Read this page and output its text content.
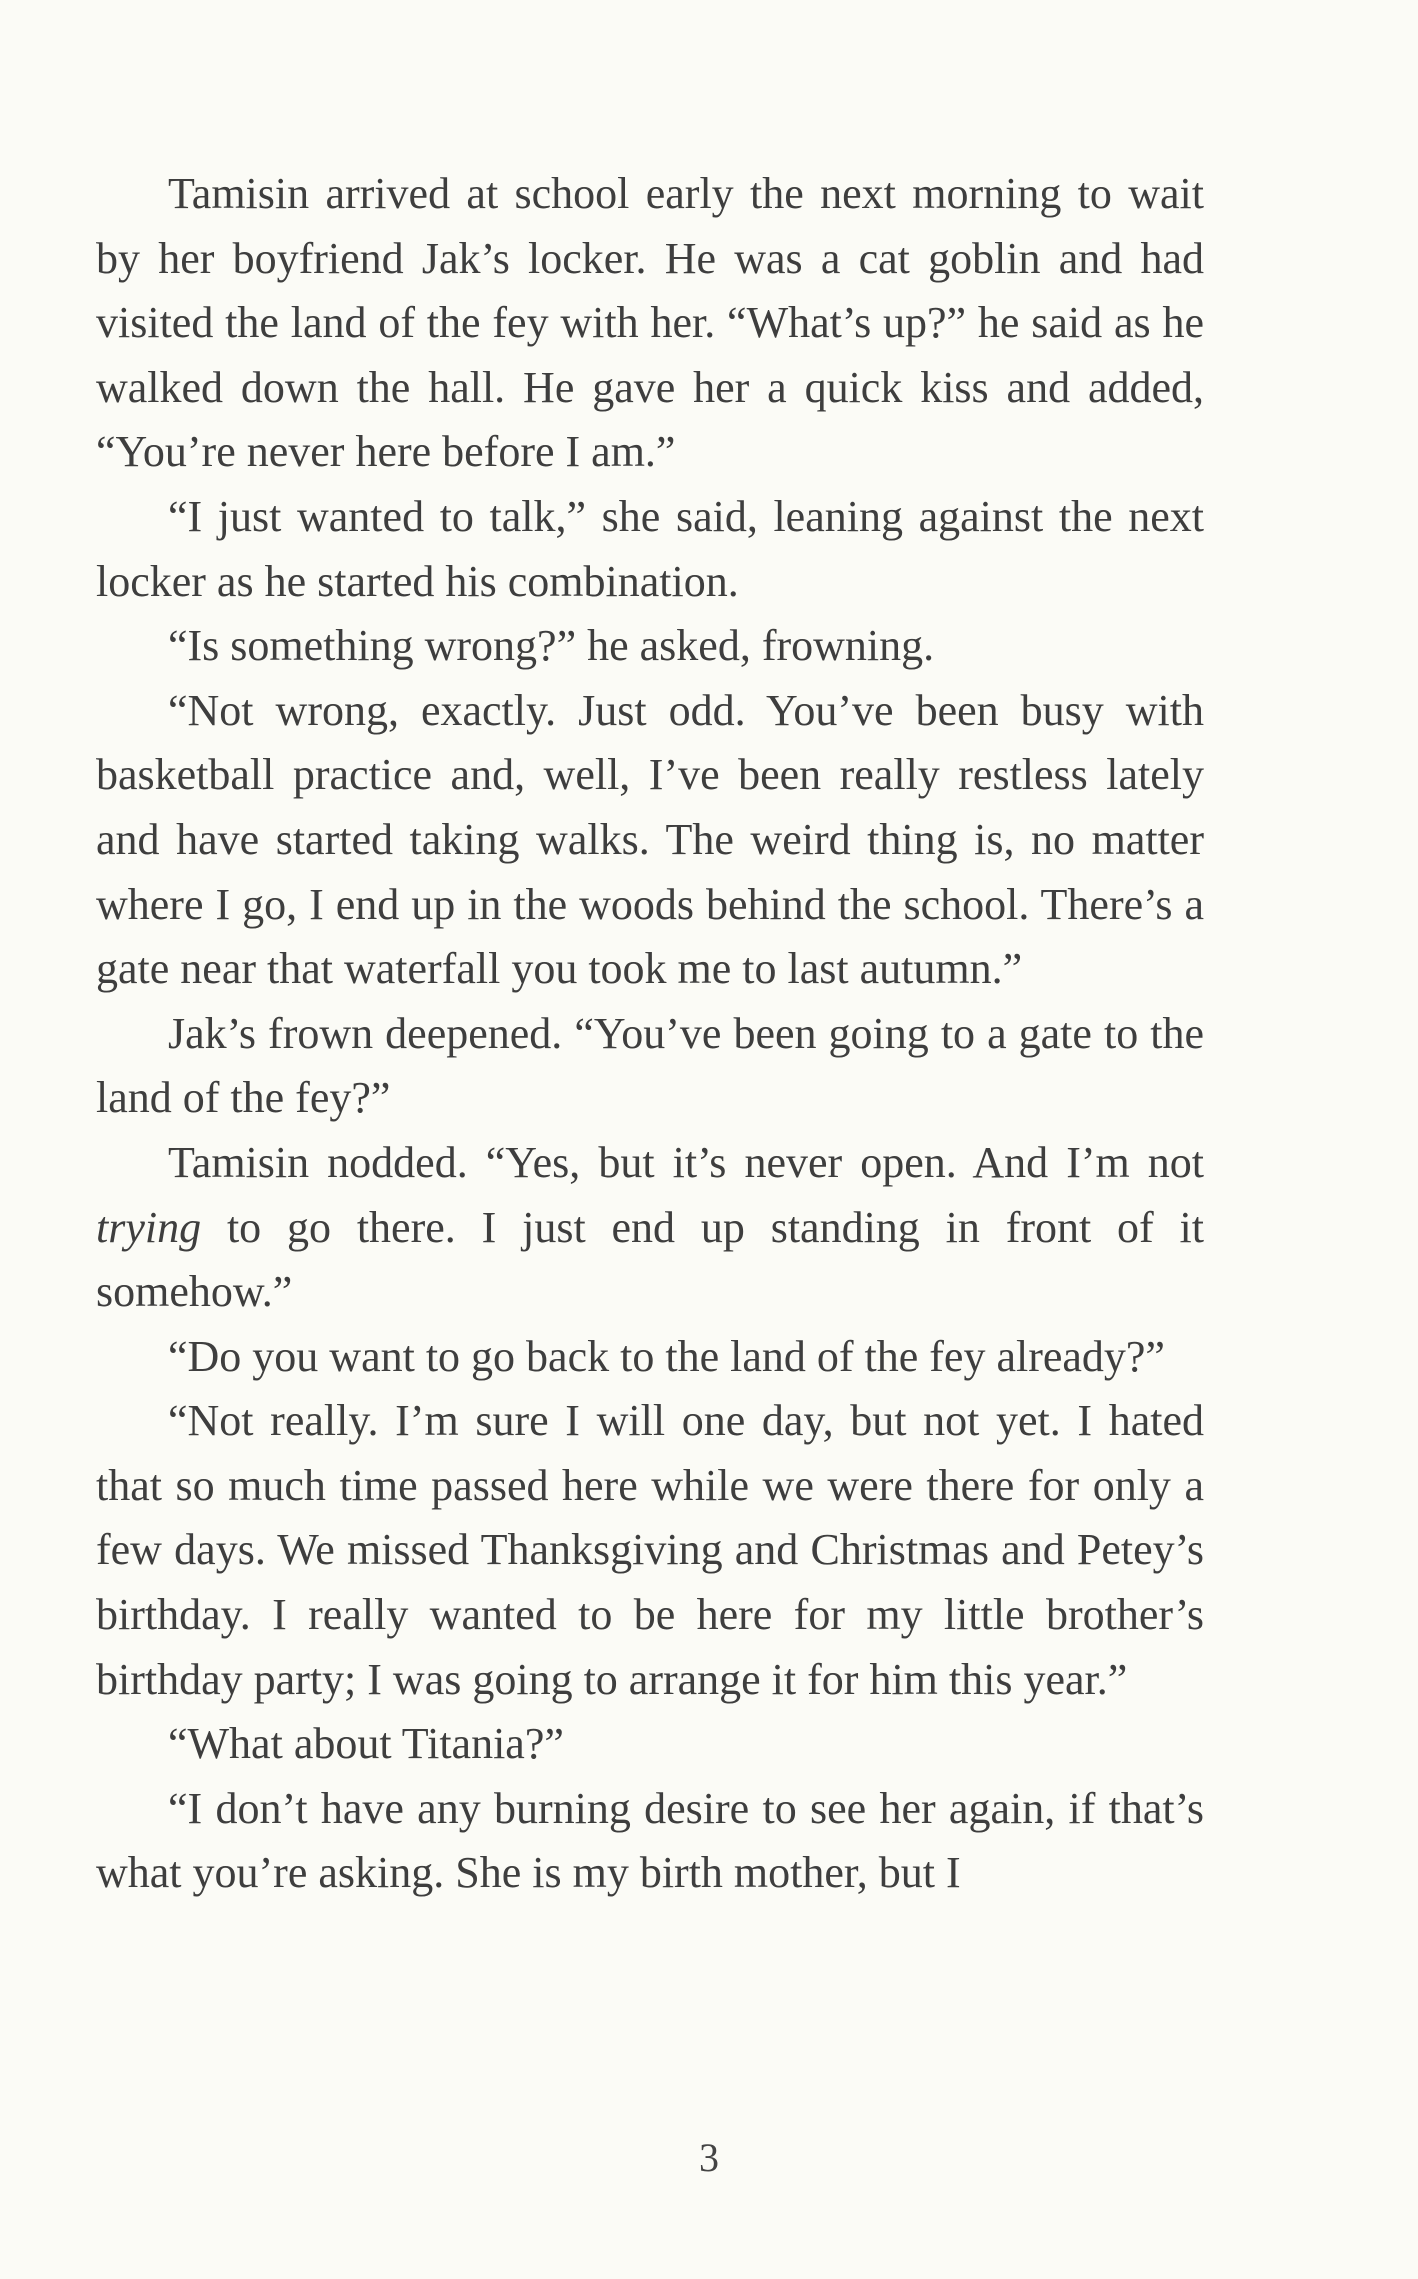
Tamisin arrived at school early the next morning to wait by her boyfriend Jak’s locker. He was a cat goblin and had visited the land of the fey with her. “What’s up?” he said as he walked down the hall. He gave her a quick kiss and added, “You’re never here before I am.”

“I just wanted to talk,” she said, leaning against the next locker as he started his combination.

“Is something wrong?” he asked, frowning.

“Not wrong, exactly. Just odd. You’ve been busy with basketball practice and, well, I’ve been really restless lately and have started taking walks. The weird thing is, no matter where I go, I end up in the woods behind the school. There’s a gate near that waterfall you took me to last autumn.”

Jak’s frown deepened. “You’ve been going to a gate to the land of the fey?”

Tamisin nodded. “Yes, but it’s never open. And I’m not trying to go there. I just end up standing in front of it somehow.”

“Do you want to go back to the land of the fey already?”

“Not really. I’m sure I will one day, but not yet. I hated that so much time passed here while we were there for only a few days. We missed Thanksgiving and Christmas and Petey’s birthday. I really wanted to be here for my little brother’s birthday party; I was going to arrange it for him this year.”

“What about Titania?”

“I don’t have any burning desire to see her again, if that’s what you’re asking. She is my birth mother, but I

3
